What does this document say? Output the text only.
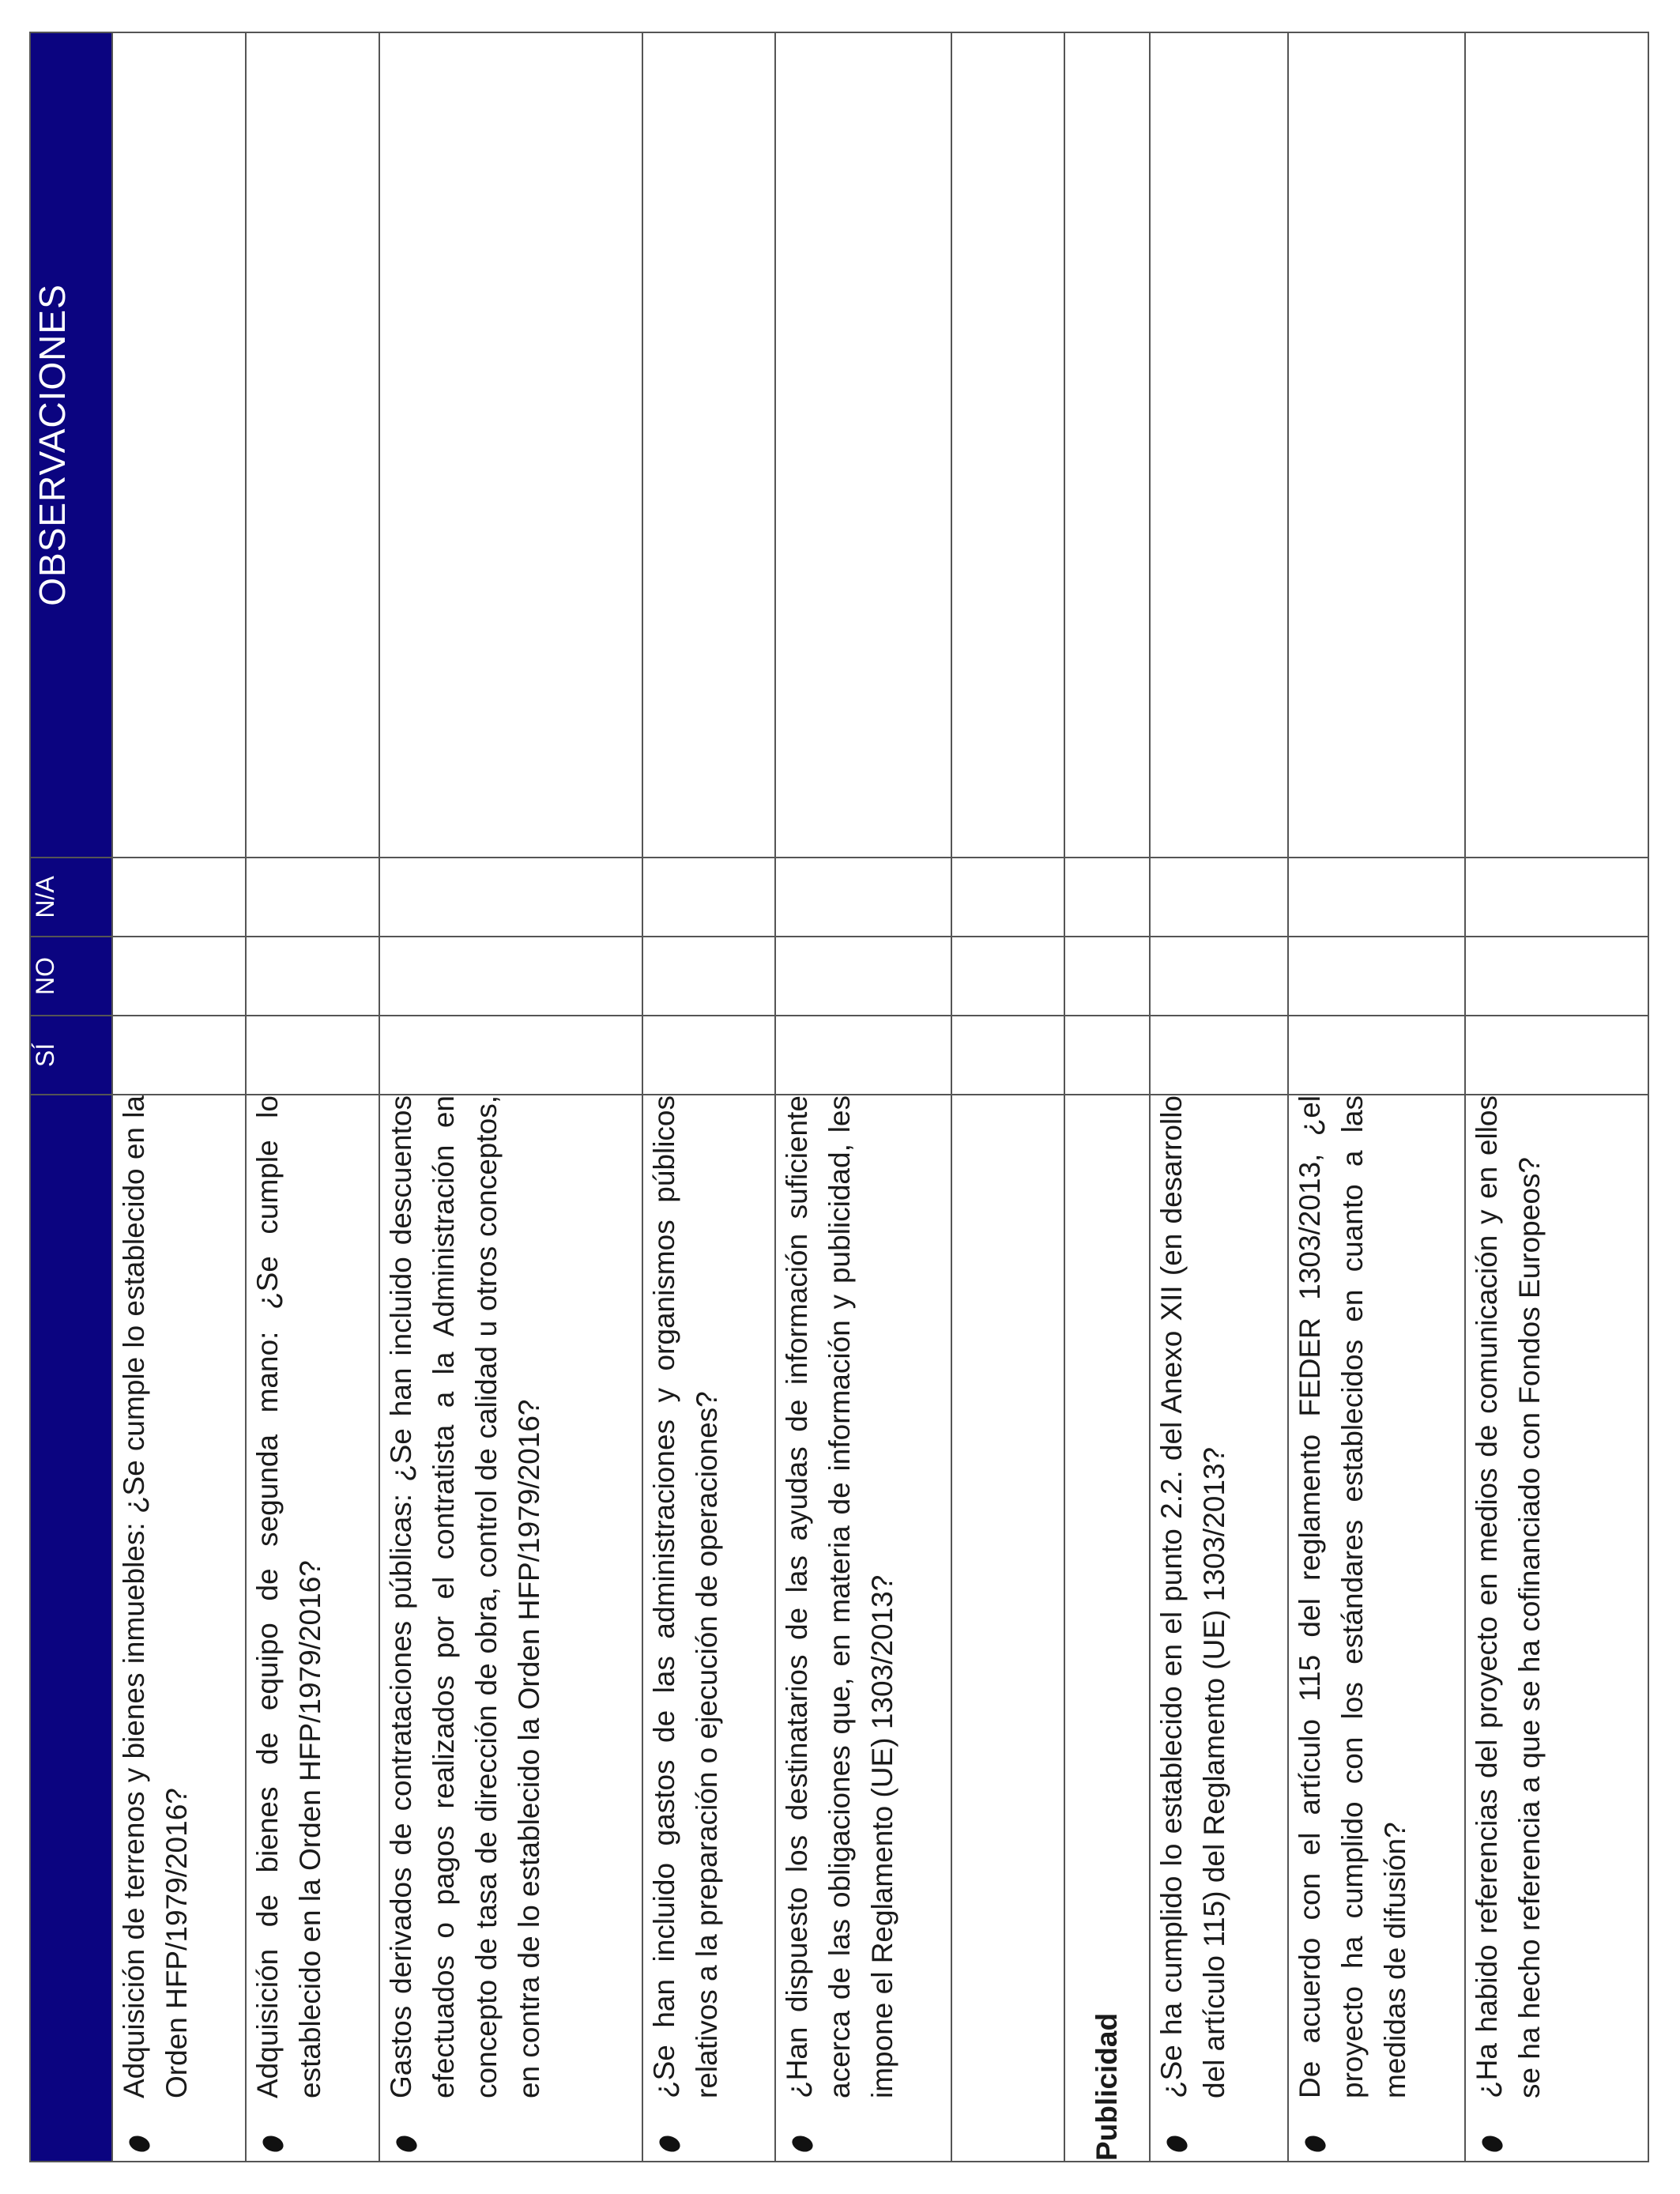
	SÍ	NO	N/A	OBSERVACIONES

Adquisición de terrenos y bienes inmuebles: ¿Se cumple lo establecido en la Orden HFP/1979/2016?				

Adquisición de bienes de equipo de segunda mano: ¿Se cumple lo establecido en la Orden HFP/1979/2016?				

Gastos derivados de contrataciones públicas: ¿Se han incluido descuentos efectuados o pagos realizados por el contratista a la Administración en concepto de tasa de dirección de obra, control de calidad u otros conceptos, en contra de lo establecido la Orden HFP/1979/2016?				

¿Se han incluido gastos de las administraciones y organismos públicos relativos a la preparación o ejecución de operaciones?				

¿Han dispuesto los destinatarios de las ayudas de información suficiente acerca de las obligaciones que, en materia de información y publicidad, les impone el Reglamento (UE) 1303/2013?				

Publicidad				

¿Se ha cumplido lo establecido en el punto 2.2. del Anexo XII (en desarrollo del artículo 115) del Reglamento (UE) 1303/2013?				

De acuerdo con el artículo 115 del reglamento FEDER 1303/2013, ¿el proyecto ha cumplido con los estándares establecidos en cuanto a las medidas de difusión?				

¿Ha habido referencias del proyecto en medios de comunicación y en ellos se ha hecho referencia a que se ha cofinanciado con Fondos Europeos?				
